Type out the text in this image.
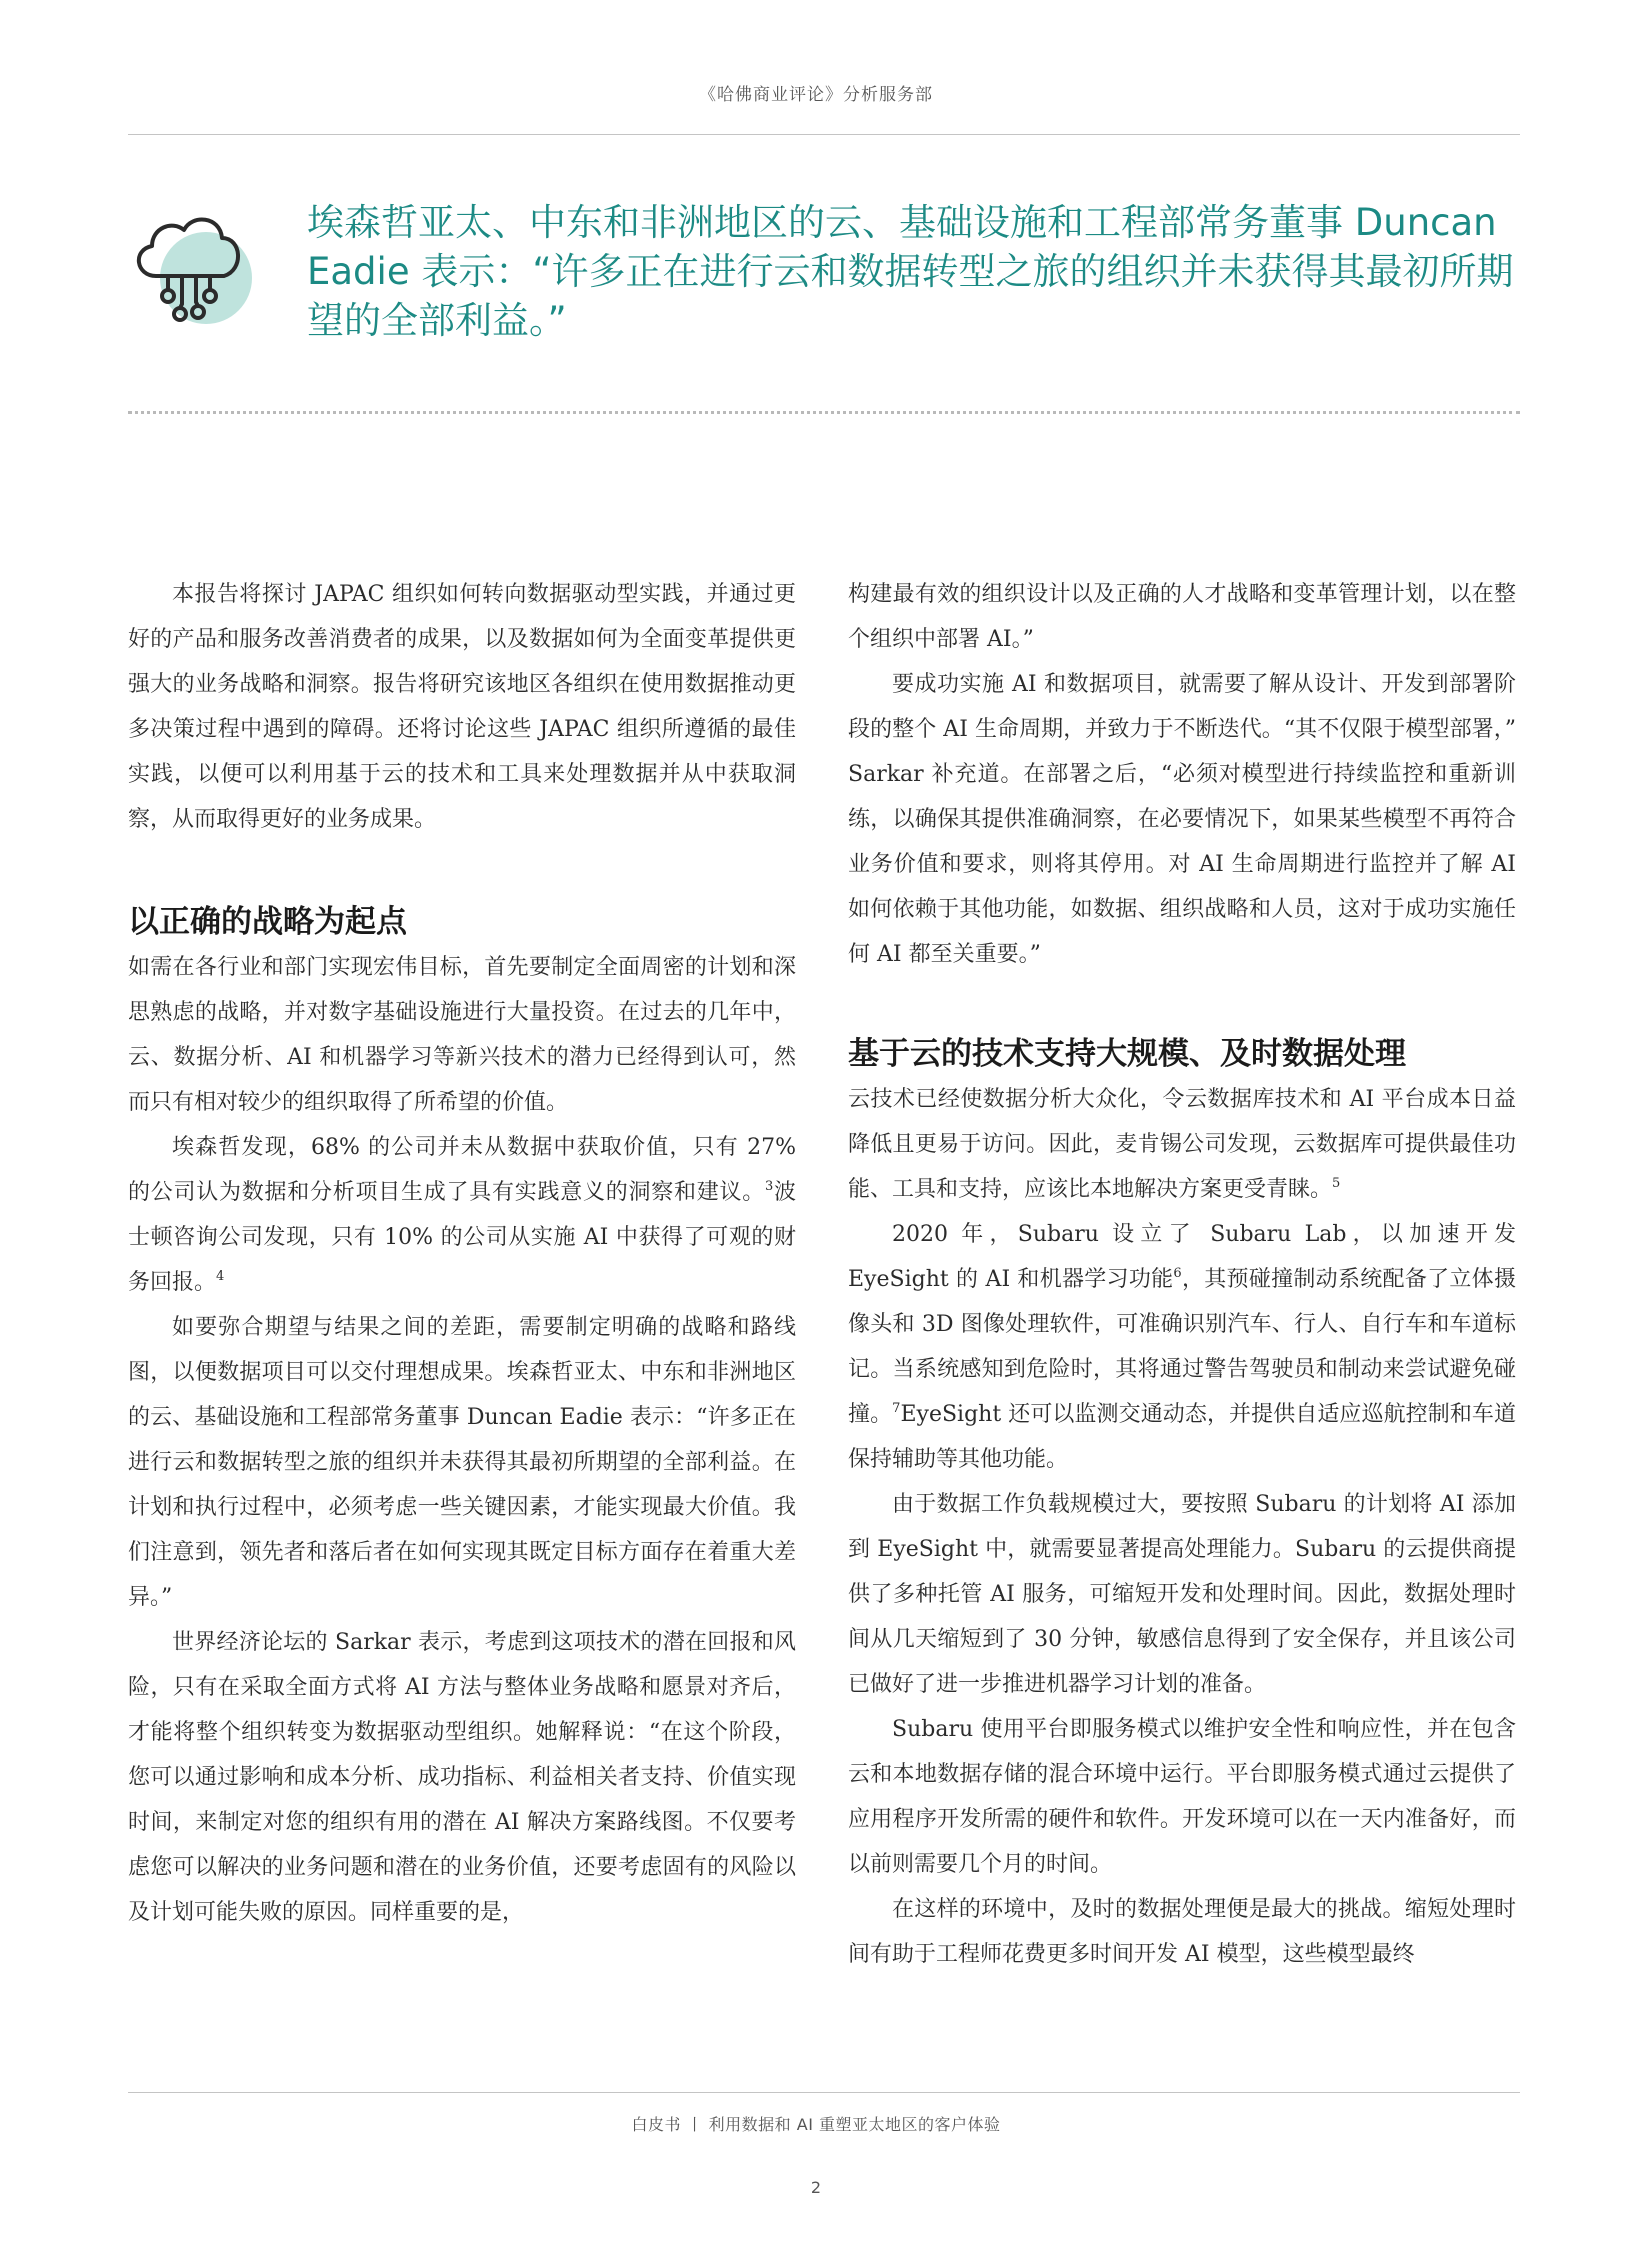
《哈佛商业评论》分析服务部
埃森哲亚太、中东和非洲地区的云、基础设施和工程部常务董事 Duncan Eadie 表示：“许多正在进行云和数据转型之旅的组织并未获得其最初所期望的全部利益。”

本报告将探讨 JAPAC 组织如何转向数据驱动型实践，并通过更好的产品和服务改善消费者的成果，以及数据如何为全面变革提供更强大的业务战略和洞察。报告将研究该地区各组织在使用数据推动更多决策过程中遇到的障碍。还将讨论这些 JAPAC 组织所遵循的最佳实践，以便可以利用基于云的技术和工具来处理数据并从中获取洞察，从而取得更好的业务成果。

以正确的战略为起点

如需在各行业和部门实现宏伟目标，首先要制定全面周密的计划和深思熟虑的战略，并对数字基础设施进行大量投资。在过去的几年中，云、数据分析、AI 和机器学习等新兴技术的潜力已经得到认可，然而只有相对较少的组织取得了所希望的价值。

埃森哲发现，68% 的公司并未从数据中获取价值，只有 27% 的公司认为数据和分析项目生成了具有实践意义的洞察和建议。$^3$波士顿咨询公司发现，只有 10% 的公司从实施 AI 中获得了可观的财务回报。$^4$

如要弥合期望与结果之间的差距，需要制定明确的战略和路线图，以便数据项目可以交付理想成果。埃森哲亚太、中东和非洲地区的云、基础设施和工程部常务董事 Duncan Eadie 表示：“许多正在进行云和数据转型之旅的组织并未获得其最初所期望的全部利益。在计划和执行过程中，必须考虑一些关键因素，才能实现最大价值。我们注意到，领先者和落后者在如何实现其既定目标方面存在着重大差异。”

世界经济论坛的 Sarkar 表示，考虑到这项技术的潜在回报和风险，只有在采取全面方式将 AI 方法与整体业务战略和愿景对齐后，才能将整个组织转变为数据驱动型组织。她解释说：“在这个阶段，您可以通过影响和成本分析、成功指标、利益相关者支持、价值实现时间，来制定对您的组织有用的潜在 AI 解决方案路线图。不仅要考虑您可以解决的业务问题和潜在的业务价值，还要考虑固有的风险以及计划可能失败的原因。同样重要的是，

构建最有效的组织设计以及正确的人才战略和变革管理计划，以在整个组织中部署 AI。”

要成功实施 AI 和数据项目，就需要了解从设计、开发到部署阶段的整个 AI 生命周期，并致力于不断迭代。“其不仅限于模型部署，” Sarkar 补充道。在部署之后，“必须对模型进行持续监控和重新训练，以确保其提供准确洞察，在必要情况下，如果某些模型不再符合业务价值和要求，则将其停用。对 AI 生命周期进行监控并了解 AI 如何依赖于其他功能，如数据、组织战略和人员，这对于成功实施任何 AI 都至关重要。”

基于云的技术支持大规模、及时数据处理

云技术已经使数据分析大众化，令云数据库技术和 AI 平台成本日益降低且更易于访问。因此，麦肯锡公司发现，云数据库可提供最佳功能、工具和支持，应该比本地解决方案更受青睐。$^5$

2020 年，Subaru 设立了 Subaru Lab，以加速开发 EyeSight 的 AI 和机器学习功能$^6$，其预碰撞制动系统配备了立体摄像头和 3D 图像处理软件，可准确识别汽车、行人、自行车和车道标记。当系统感知到危险时，其将通过警告驾驶员和制动来尝试避免碰撞。$^7$EyeSight 还可以监测交通动态，并提供自适应巡航控制和车道保持辅助等其他功能。

由于数据工作负载规模过大，要按照 Subaru 的计划将 AI 添加到 EyeSight 中，就需要显著提高处理能力。Subaru 的云提供商提供了多种托管 AI 服务，可缩短开发和处理时间。因此，数据处理时间从几天缩短到了 30 分钟，敏感信息得到了安全保存，并且该公司已做好了进一步推进机器学习计划的准备。

Subaru 使用平台即服务模式以维护安全性和响应性，并在包含云和本地数据存储的混合环境中运行。平台即服务模式通过云提供了应用程序开发所需的硬件和软件。开发环境可以在一天内准备好，而以前则需要几个月的时间。

在这样的环境中，及时的数据处理便是最大的挑战。缩短处理时间有助于工程师花费更多时间开发 AI 模型，这些模型最终

白皮书 丨 利用数据和 AI 重塑亚太地区的客户体验
2
